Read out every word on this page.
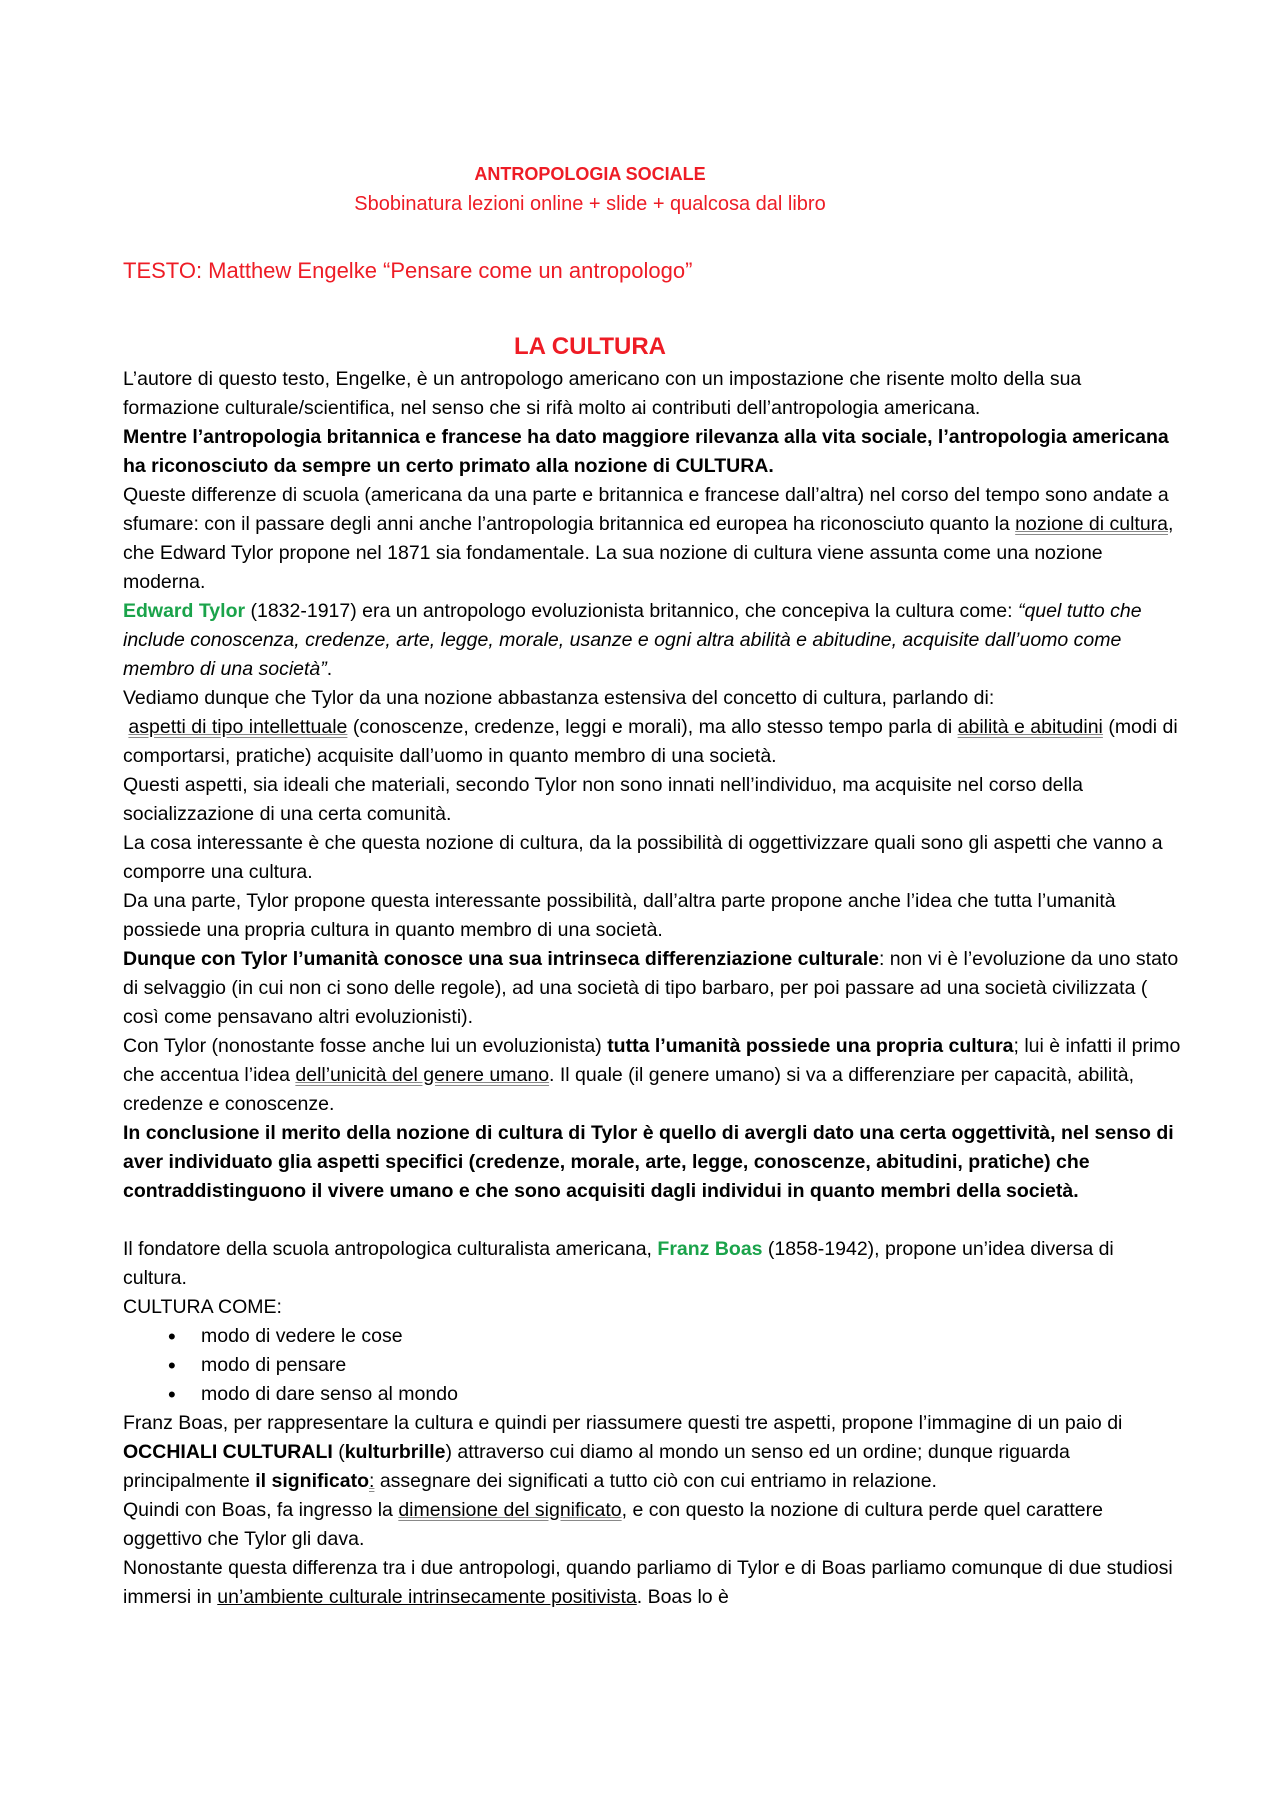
ANTROPOLOGIA SOCIALE
Sbobinatura lezioni online + slide + qualcosa dal libro
TESTO: Matthew Engelke “Pensare come un antropologo”
LA CULTURA

L’autore di questo testo, Engelke, è un antropologo americano con un impostazione che risente molto della sua formazione culturale/scientifica, nel senso che si rifà molto ai contributi dell’antropologia americana.

Mentre l’antropologia britannica e francese ha dato maggiore rilevanza alla vita sociale, l’antropologia americana ha riconosciuto da sempre un certo primato alla nozione di CULTURA.

Queste differenze di scuola (americana da una parte e britannica e francese dall’altra) nel corso del tempo sono andate a sfumare: con il passare degli anni anche l’antropologia britannica ed europea ha riconosciuto quanto la nozione di cultura, che Edward Tylor propone nel 1871 sia fondamentale. La sua nozione di cultura viene assunta come una nozione moderna.

Edward Tylor (1832-1917) era un antropologo evoluzionista britannico, che concepiva la cultura come: “quel tutto che include conoscenza, credenze, arte, legge, morale, usanze e ogni altra abilità e abitudine, acquisite dall’uomo come membro di una società”.

Vediamo dunque che Tylor da una nozione abbastanza estensiva del concetto di cultura, parlando di:
aspetti di tipo intellettuale (conoscenze, credenze, leggi e morali), ma allo stesso tempo parla di abilità e abitudini (modi di comportarsi, pratiche) acquisite dall’uomo in quanto membro di una società.

Questi aspetti, sia ideali che materiali, secondo Tylor non sono innati nell’individuo, ma acquisite nel corso della socializzazione di una certa comunità.

La cosa interessante è che questa nozione di cultura, da la possibilità di oggettivizzare quali sono gli aspetti che vanno a comporre una cultura.

Da una parte, Tylor propone questa interessante possibilità, dall’altra parte propone anche l’idea che tutta l’umanità possiede una propria cultura in quanto membro di una società.

Dunque con Tylor l’umanità conosce una sua intrinseca differenziazione culturale: non vi è l’evoluzione da uno stato di selvaggio (in cui non ci sono delle regole), ad una società di tipo barbaro, per poi passare ad una società civilizzata ( così come pensavano altri evoluzionisti).

Con Tylor (nonostante fosse anche lui un evoluzionista) tutta l’umanità possiede una propria cultura; lui è infatti il primo che accentua l’idea dell’unicità del genere umano. Il quale (il genere umano) si va a differenziare per capacità, abilità, credenze e conoscenze.

In conclusione il merito della nozione di cultura di Tylor è quello di avergli dato una certa oggettività, nel senso di aver individuato glia aspetti specifici (credenze, morale, arte, legge, conoscenze, abitudini, pratiche) che contraddistinguono il vivere umano e che sono acquisiti dagli individui in quanto membri della società.

Il fondatore della scuola antropologica culturalista americana, Franz Boas (1858-1942), propone un’idea diversa di cultura.

CULTURA COME:

• modo di vedere le cose
• modo di pensare
• modo di dare senso al mondo

Franz Boas, per rappresentare la cultura e quindi per riassumere questi tre aspetti, propone l’immagine di un paio di OCCHIALI CULTURALI (kulturbrille) attraverso cui diamo al mondo un senso ed un ordine; dunque riguarda principalmente il significato: assegnare dei significati a tutto ciò con cui entriamo in relazione.

Quindi con Boas, fa ingresso la dimensione del significato, e con questo la nozione di cultura perde quel carattere oggettivo che Tylor gli dava.

Nonostante questa differenza tra i due antropologi, quando parliamo di Tylor e di Boas parliamo comunque di due studiosi immersi in un’ambiente culturale intrinsecamente positivista. Boas lo è
